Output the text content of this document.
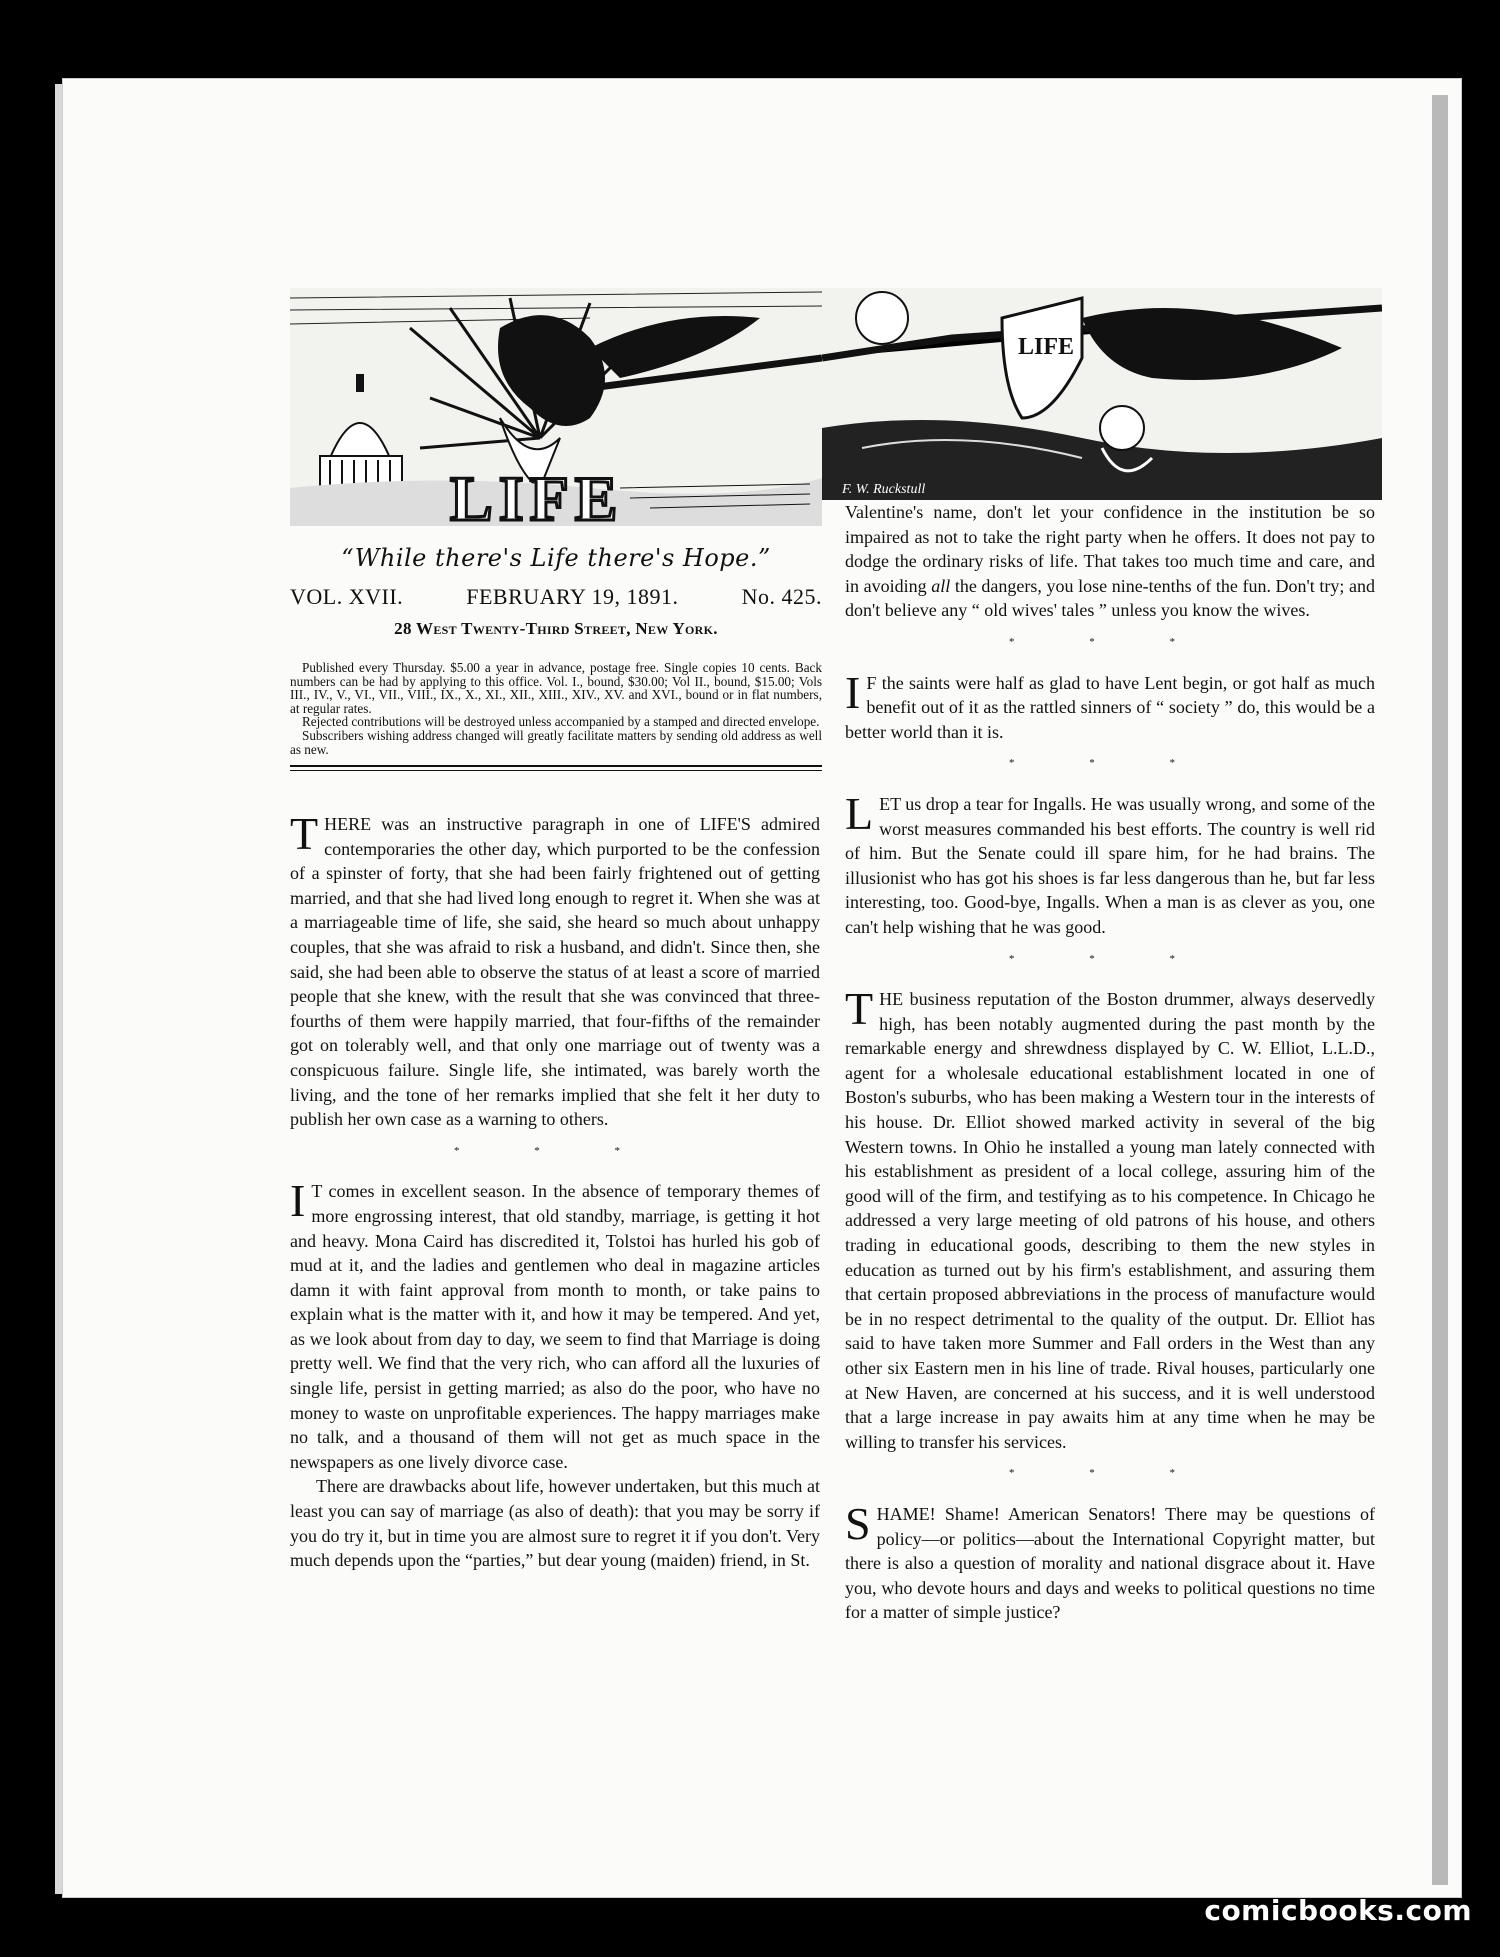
LIFE
LIFE
F. W. Ruckstull
“While there's Life there's Hope.”
VOL. XVII.	FEBRUARY 19, 1891.	No. 425.
28 West Twenty-Third Street, New York.

Published every Thursday. $5.00 a year in advance, postage free. Single copies 10 cents. Back numbers can be had by applying to this office. Vol. I., bound, $30.00; Vol II., bound, $15.00; Vols III., IV., V., VI., VII., VIII., IX., X., XI., XII., XIII., XIV., XV. and XVI., bound or in flat numbers, at regular rates.

Rejected contributions will be destroyed unless accompanied by a stamped and directed envelope.

Subscribers wishing address changed will greatly facilitate matters by sending old address as well as new.

THERE was an instructive paragraph in one of LIFE'S admired contemporaries the other day, which purported to be the confession of a spinster of forty, that she had been fairly frightened out of getting married, and that she had lived long enough to regret it. When she was at a marriageable time of life, she said, she heard so much about unhappy couples, that she was afraid to risk a husband, and didn't. Since then, she said, she had been able to observe the status of at least a score of married people that she knew, with the result that she was convinced that three-fourths of them were happily married, that four-fifths of the remainder got on tolerably well, and that only one marriage out of twenty was a conspicuous failure. Single life, she intimated, was barely worth the living, and the tone of her remarks implied that she felt it her duty to publish her own case as a warning to others.

* * *

I T comes in excellent season. In the absence of temporary themes of more engrossing interest, that old standby, marriage, is getting it hot and heavy. Mona Caird has discredited it, Tolstoi has hurled his gob of mud at it, and the ladies and gentlemen who deal in magazine articles damn it with faint approval from month to month, or take pains to explain what is the matter with it, and how it may be tempered. And yet, as we look about from day to day, we seem to find that Marriage is doing pretty well. We find that the very rich, who can afford all the luxuries of single life, persist in getting married; as also do the poor, who have no money to waste on unprofitable experiences. The happy marriages make no talk, and a thousand of them will not get as much space in the newspapers as one lively divorce case.

There are drawbacks about life, however undertaken, but this much at least you can say of marriage (as also of death): that you may be sorry if you do try it, but in time you are almost sure to regret it if you don't. Very much depends upon the “parties,” but dear young (maiden) friend, in St.

Valentine's name, don't let your confidence in the institution be so impaired as not to take the right party when he offers. It does not pay to dodge the ordinary risks of life. That takes too much time and care, and in avoiding all the dangers, you lose nine-tenths of the fun. Don't try; and don't believe any “ old wives' tales ” unless you know the wives.

* * *

I F the saints were half as glad to have Lent begin, or got half as much benefit out of it as the rattled sinners of “ society ” do, this would be a better world than it is.

* * *

LET us drop a tear for Ingalls. He was usually wrong, and some of the worst measures commanded his best efforts. The country is well rid of him. But the Senate could ill spare him, for he had brains. The illusionist who has got his shoes is far less dangerous than he, but far less interesting, too. Good-bye, Ingalls. When a man is as clever as you, one can't help wishing that he was good.

* * *

THE business reputation of the Boston drummer, always deservedly high, has been notably augmented during the past month by the remarkable energy and shrewdness displayed by C. W. Elliot, L.L.D., agent for a wholesale educational establishment located in one of Boston's suburbs, who has been making a Western tour in the interests of his house. Dr. Elliot showed marked activity in several of the big Western towns. In Ohio he installed a young man lately connected with his establishment as president of a local college, assuring him of the good will of the firm, and testifying as to his competence. In Chicago he addressed a very large meeting of old patrons of his house, and others trading in educational goods, describing to them the new styles in education as turned out by his firm's establishment, and assuring them that certain proposed abbreviations in the process of manufacture would be in no respect detrimental to the quality of the output. Dr. Elliot has said to have taken more Summer and Fall orders in the West than any other six Eastern men in his line of trade. Rival houses, particularly one at New Haven, are concerned at his success, and it is well understood that a large increase in pay awaits him at any time when he may be willing to transfer his services.

* * *

SHAME! Shame! American Senators! There may be questions of policy—or politics—about the International Copyright matter, but there is also a question of morality and national disgrace about it. Have you, who devote hours and days and weeks to political questions no time for a matter of simple justice?

comicbooks.com
